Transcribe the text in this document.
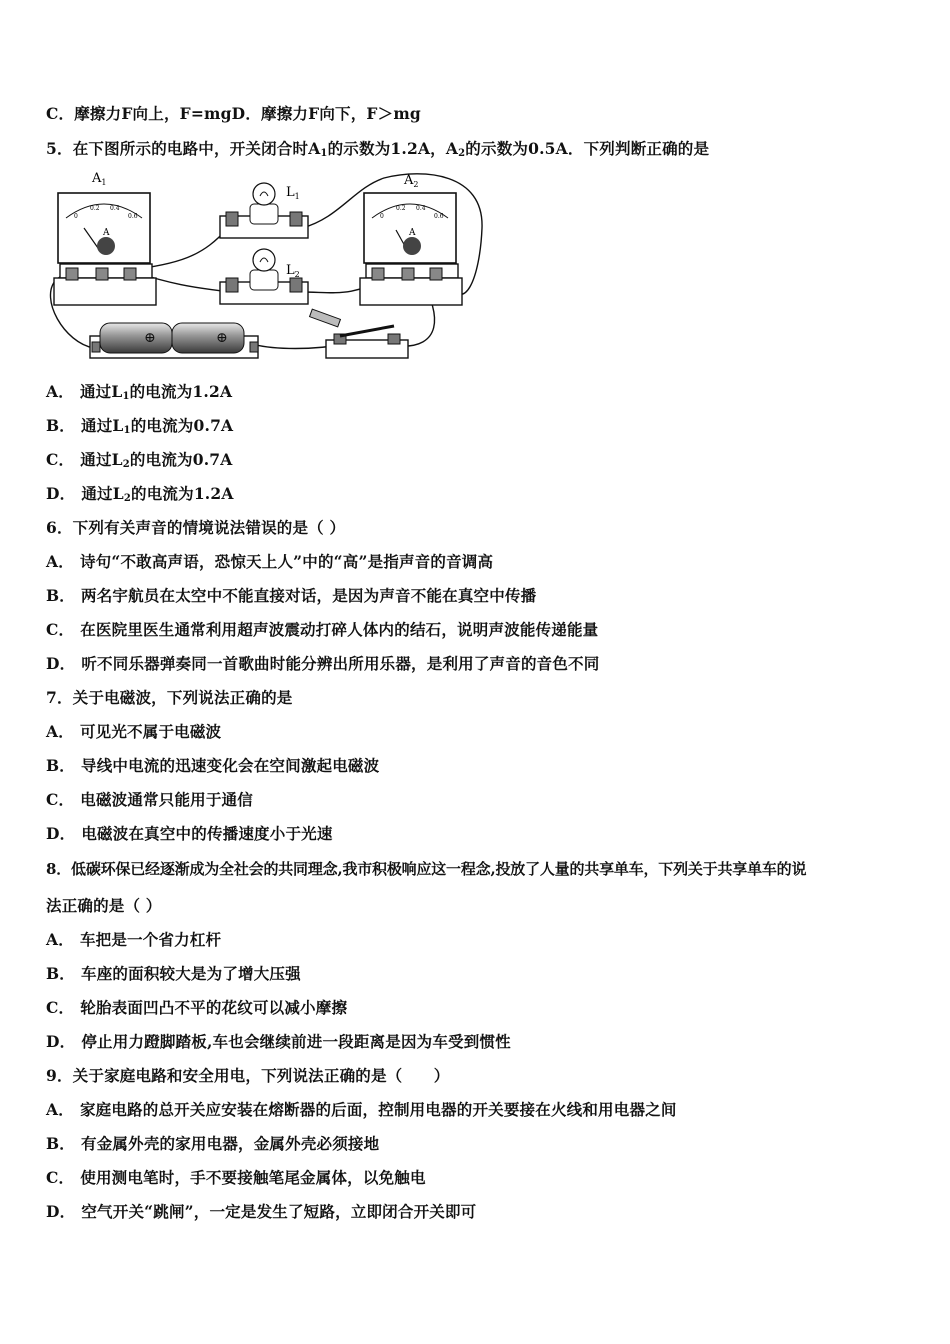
C．摩擦力F向上，F=mgD．摩擦力F向下，F＞mg
5．在下图所示的电路中，开关闭合时$A_1$的示数为1.2A，$A_2$的示数为0.5A．下列判断正确的是
A
0
0.2 0.4
0.6
$A_1$
$L_1$
$L_2$
A
0
0.2 0.4
0.6
$A_2$
⊕	⊕
A． 通过$L_1$的电流为1.2A
B． 通过$L_1$的电流为0.7A
C． 通过$L_2$的电流为0.7A
D． 通过$L_2$的电流为1.2A
6．下列有关声音的情境说法错误的是（ ）
A． 诗句“不敢高声语，恐惊天上人”中的“高”是指声音的音调高
B． 两名宇航员在太空中不能直接对话，是因为声音不能在真空中传播
C． 在医院里医生通常利用超声波震动打碎人体内的结石，说明声波能传递能量
D． 听不同乐器弹奏同一首歌曲时能分辨出所用乐器，是利用了声音的音色不同
7．关于电磁波，下列说法正确的是
A． 可见光不属于电磁波
B． 导线中电流的迅速变化会在空间激起电磁波
C． 电磁波通常只能用于通信
D． 电磁波在真空中的传播速度小于光速
8．低碳环保已经逐渐成为全社会的共同理念,我市积极响应这一程念,投放了人量的共享单车，下列关于共享单车的说
法正确的是（ ）
A． 车把是一个省力杠杆
B． 车座的面积较大是为了增大压强
C． 轮胎表面凹凸不平的花纹可以减小摩擦
D． 停止用力蹬脚踏板,车也会继续前进一段距离是因为车受到惯性
9．关于家庭电路和安全用电，下列说法正确的是（　　）
A． 家庭电路的总开关应安装在熔断器的后面，控制用电器的开关要接在火线和用电器之间
B． 有金属外壳的家用电器，金属外壳必须接地
C． 使用测电笔时，手不要接触笔尾金属体，以免触电
D． 空气开关“跳闸”，一定是发生了短路，立即闭合开关即可
